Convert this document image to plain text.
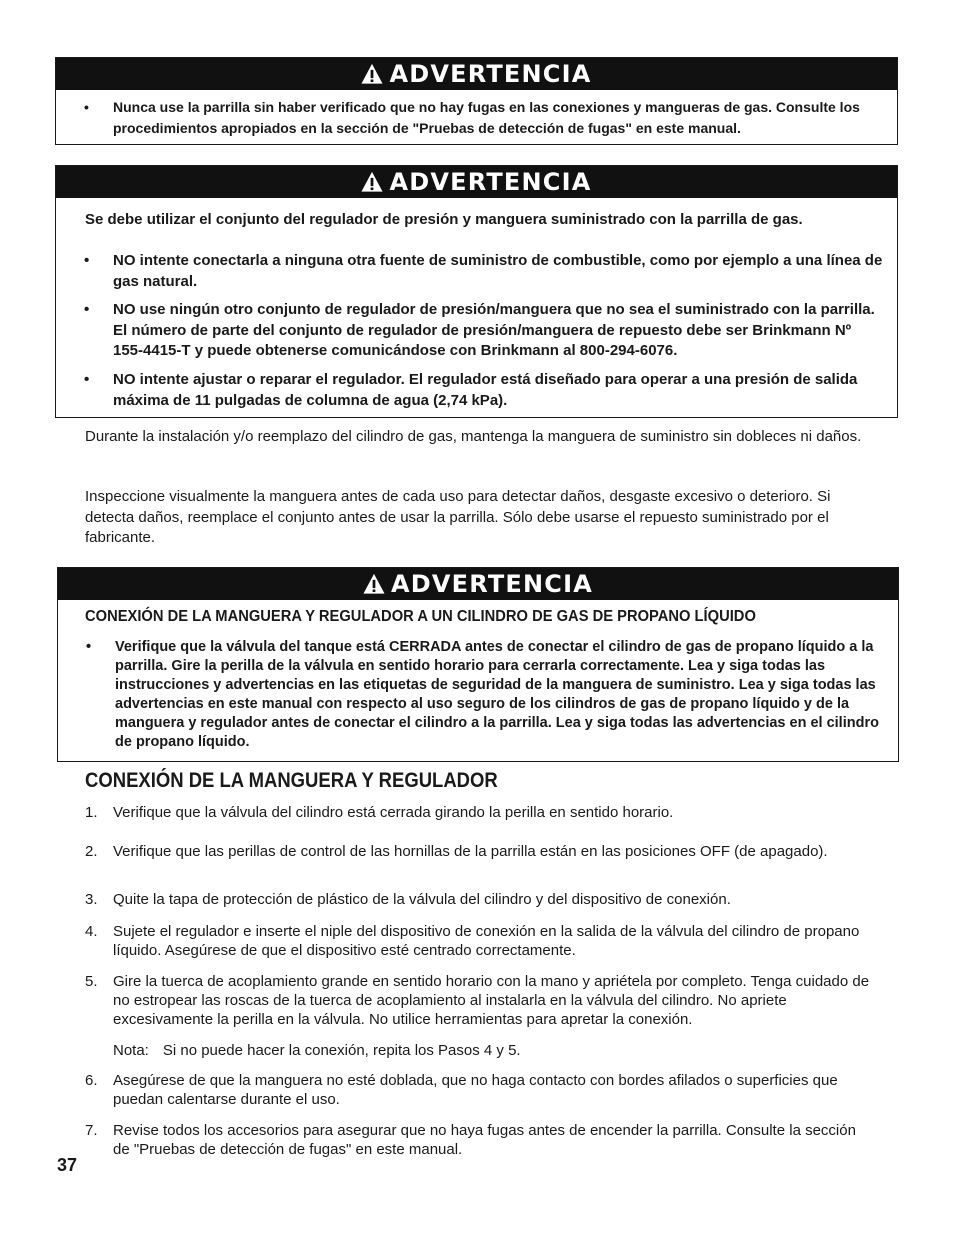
ADVERTENCIA
• Nunca use la parrilla sin haber verificado que no hay fugas en las conexiones y mangueras de gas. Consulte los procedimientos apropiados en la sección de "Pruebas de detección de fugas" en este manual.
ADVERTENCIA
Se debe utilizar el conjunto del regulador de presión y manguera suministrado con la parrilla de gas.
• NO intente conectarla a ninguna otra fuente de suministro de combustible, como por ejemplo a una línea de gas natural.
• NO use ningún otro conjunto de regulador de presión/manguera que no sea el suministrado con la parrilla. El número de parte del conjunto de regulador de presión/manguera de repuesto debe ser Brinkmann Nº 155-4415-T y puede obtenerse comunicándose con Brinkmann al 800-294-6076.
• NO intente ajustar o reparar el regulador. El regulador está diseñado para operar a una presión de salida máxima de 11 pulgadas de columna de agua (2,74 kPa).
Durante la instalación y/o reemplazo del cilindro de gas, mantenga la manguera de suministro sin dobleces ni daños.
Inspeccione visualmente la manguera antes de cada uso para detectar daños, desgaste excesivo o deterioro. Si detecta daños, reemplace el conjunto antes de usar la parrilla. Sólo debe usarse el repuesto suministrado por el fabricante.
ADVERTENCIA
CONEXIÓN DE LA MANGUERA Y REGULADOR A UN CILINDRO DE GAS DE PROPANO LÍQUIDO
• Verifique que la válvula del tanque está CERRADA antes de conectar el cilindro de gas de propano líquido a la parrilla. Gire la perilla de la válvula en sentido horario para cerrarla correctamente. Lea y siga todas las instrucciones y advertencias en las etiquetas de seguridad de la manguera de suministro. Lea y siga todas las advertencias en este manual con respecto al uso seguro de los cilindros de gas de propano líquido y de la manguera y regulador antes de conectar el cilindro a la parrilla. Lea y siga todas las advertencias en el cilindro de propano líquido.
CONEXIÓN DE LA MANGUERA Y REGULADOR
1.	Verifique que la válvula del cilindro está cerrada girando la perilla en sentido horario.
2.	Verifique que las perillas de control de las hornillas de la parrilla están en las posiciones OFF (de apagado).
3.	Quite la tapa de protección de plástico de la válvula del cilindro y del dispositivo de conexión.
4.	Sujete el regulador e inserte el niple del dispositivo de conexión en la salida de la válvula del cilindro de propano líquido. Asegúrese de que el dispositivo esté centrado correctamente.
5.	Gire la tuerca de acoplamiento grande en sentido horario con la mano y apriétela por completo. Tenga cuidado de no estropear las roscas de la tuerca de acoplamiento al instalarla en la válvula del cilindro. No apriete excesivamente la perilla en la válvula. No utilice herramientas para apretar la conexión.
Nota: Si no puede hacer la conexión, repita los Pasos 4 y 5.
6.	Asegúrese de que la manguera no esté doblada, que no haga contacto con bordes afilados o superficies que puedan calentarse durante el uso.
7.	Revise todos los accesorios para asegurar que no haya fugas antes de encender la parrilla. Consulte la sección de "Pruebas de detección de fugas" en este manual.
37
